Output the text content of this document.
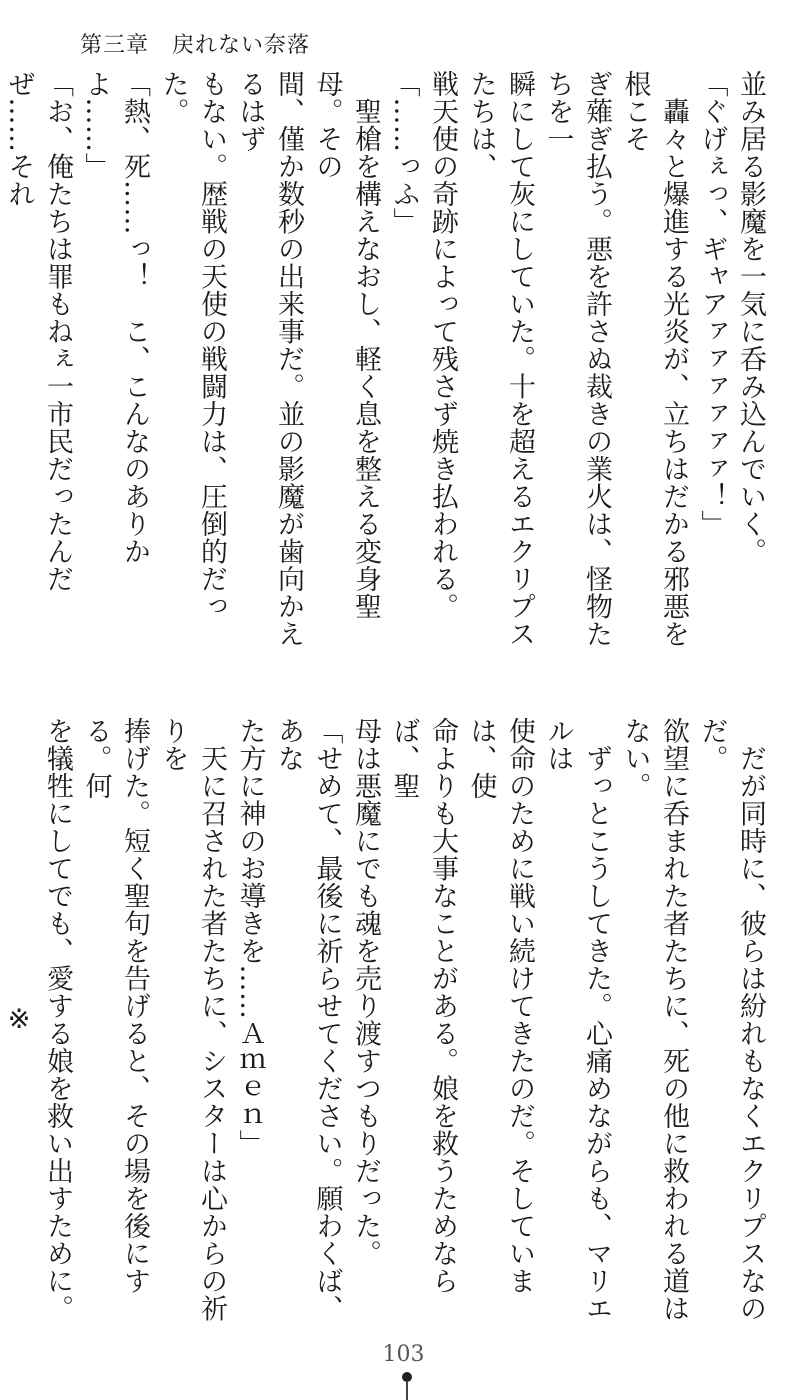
第三章　戻れない奈落
並み居る影魔を一気に呑み込んでいく。
「ぐげぇっ、ギャアァァァァァァ！」
　轟々と爆進する光炎が、立ちはだかる邪悪を根こそ
ぎ薙ぎ払う。悪を許さぬ裁きの業火は、怪物たちを一
瞬にして灰にしていた。十を超えるエクリプスたちは、
戦天使の奇跡によって残さず焼き払われる。
「……っふ」
　聖槍を構えなおし、軽く息を整える変身聖母。その
間、僅か数秒の出来事だ。並の影魔が歯向かえるはず
もない。歴戦の天使の戦闘力は、圧倒的だった。
「熱、死……っ！　こ、こんなのありかよ……」
「お、俺たちは罪もねぇ一市民だったんだぜ……それ
　だが同時に、彼らは紛れもなくエクリプスなのだ。
欲望に呑まれた者たちに、死の他に救われる道はない。
　ずっとこうしてきた。心痛めながらも、マリエルは
使命のために戦い続けてきたのだ。そしていまは、使
命よりも大事なことがある。娘を救うためならば、聖
母は悪魔にでも魂を売り渡すつもりだった。
「せめて、最後に祈らせてください。願わくば、あな
た方に神のお導きを……Ａｍｅｎ」
　天に召された者たちに、シスターは心からの祈りを
捧げた。短く聖句を告げると、その場を後にする。何
を犠牲にしてでも、愛する娘を救い出すために。
※
103
